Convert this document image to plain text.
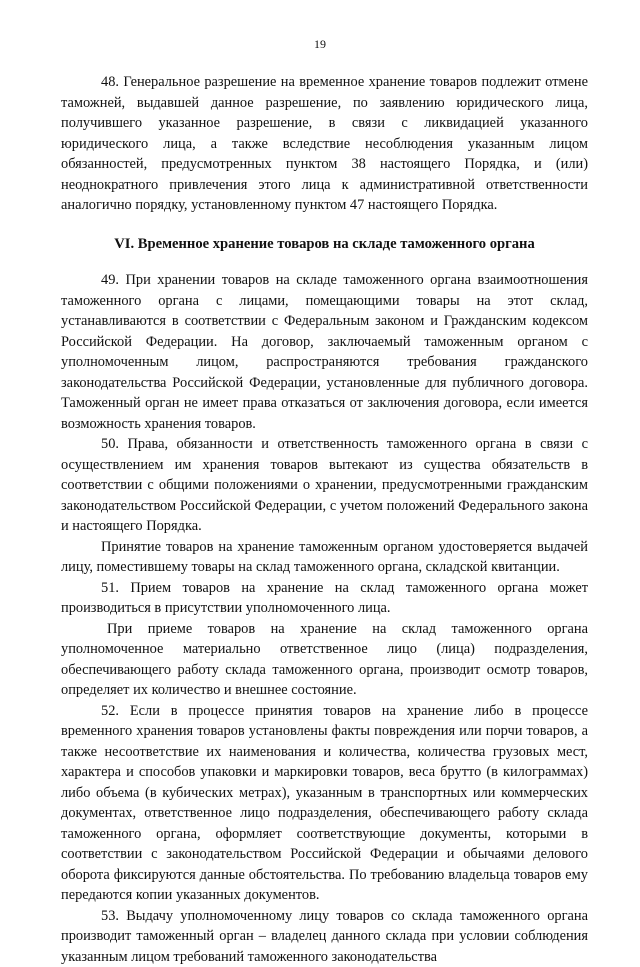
19

48. Генеральное разрешение на временное хранение товаров подлежит отмене таможней, выдавшей данное разрешение, по заявлению юридического лица, получившего указанное разрешение, в связи с ликвидацией указанного юридического лица, а также вследствие несоблюдения указанным лицом обязанностей, предусмотренных пунктом 38 настоящего Порядка, и (или) неоднократного привлечения этого лица к административной ответственности аналогично порядку, установленному пунктом 47 настоящего Порядка.

VI. Временное хранение товаров на складе таможенного органа

49. При хранении товаров на складе таможенного органа взаимоотношения таможенного органа с лицами, помещающими товары на этот склад, устанавливаются в соответствии с Федеральным законом и Гражданским кодексом Российской Федерации. На договор, заключаемый таможенным органом с уполномоченным лицом, распространяются требования гражданского законодательства Российской Федерации, установленные для публичного договора. Таможенный орган не имеет права отказаться от заключения договора, если имеется возможность хранения товаров.

50. Права, обязанности и ответственность таможенного органа в связи с осуществлением им хранения товаров вытекают из существа обязательств в соответствии с общими положениями о хранении, предусмотренными гражданским законодательством Российской Федерации, с учетом положений Федерального закона и настоящего Порядка.

Принятие товаров на хранение таможенным органом удостоверяется выдачей лицу, поместившему товары на склад таможенного органа, складской квитанции.

51. Прием товаров на хранение на склад таможенного органа может производиться в присутствии уполномоченного лица.

При приеме товаров на хранение на склад таможенного органа уполномоченное материально ответственное лицо (лица) подразделения, обеспечивающего работу склада таможенного органа, производит осмотр товаров, определяет их количество и внешнее состояние.

52. Если в процессе принятия товаров на хранение либо в процессе временного хранения товаров установлены факты повреждения или порчи товаров, а также несоответствие их наименования и количества, количества грузовых мест, характера и способов упаковки и маркировки товаров, веса брутто (в килограммах) либо объема (в кубических метрах), указанным в транспортных или коммерческих документах, ответственное лицо подразделения, обеспечивающего работу склада таможенного органа, оформляет соответствующие документы, которыми в соответствии с законодательством Российской Федерации и обычаями делового оборота фиксируются данные обстоятельства. По требованию владельца товаров ему передаются копии указанных документов.

53. Выдачу уполномоченному лицу товаров со склада таможенного органа производит таможенный орган – владелец данного склада при условии соблюдения указанным лицом требований таможенного законодательства
